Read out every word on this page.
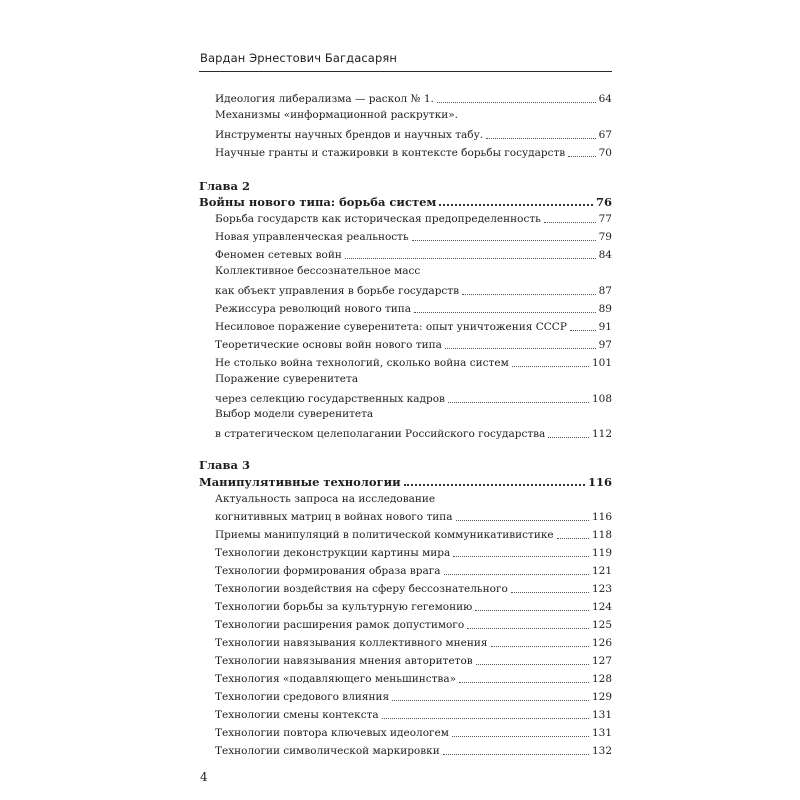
Вардан Эрнестович Багдасарян
Идеология либерализма — раскол № 1.	64
Механизмы «информационной раскрутки».
Инструменты научных брендов и научных табу.	67
Научные гранты и стажировки в контексте борьбы государств	70
Глава 2
Войны нового типа: борьба систем	76
Борьба государств как историческая предопределенность	77
Новая управленческая реальность	79
Феномен сетевых войн	84
Коллективное бессознательное масс
как объект управления в борьбе государств	87
Режиссура революций нового типа	89
Несиловое поражение суверенитета: опыт уничтожения СССР	91
Теоретические основы войн нового типа	97
Не столько война технологий, сколько война систем	101
Поражение суверенитета
через селекцию государственных кадров	108
Выбор модели суверенитета
в стратегическом целеполагании Российского государства	112
Глава 3
Манипулятивные технологии	116
Актуальность запроса на исследование
когнитивных матриц в войнах нового типа	116
Приемы манипуляций в политической коммуникативистике	118
Технологии деконструкции картины мира	119
Технологии формирования образа врага	121
Технологии воздействия на сферу бессознательного	123
Технологии борьбы за культурную гегемонию	124
Технологии расширения рамок допустимого	125
Технологии навязывания коллективного мнения	126
Технологии навязывания мнения авторитетов	127
Технология «подавляющего меньшинства»	128
Технологии средового влияния	129
Технологии смены контекста	131
Технологии повтора ключевых идеологем	131
Технологии символической маркировки	132
4
